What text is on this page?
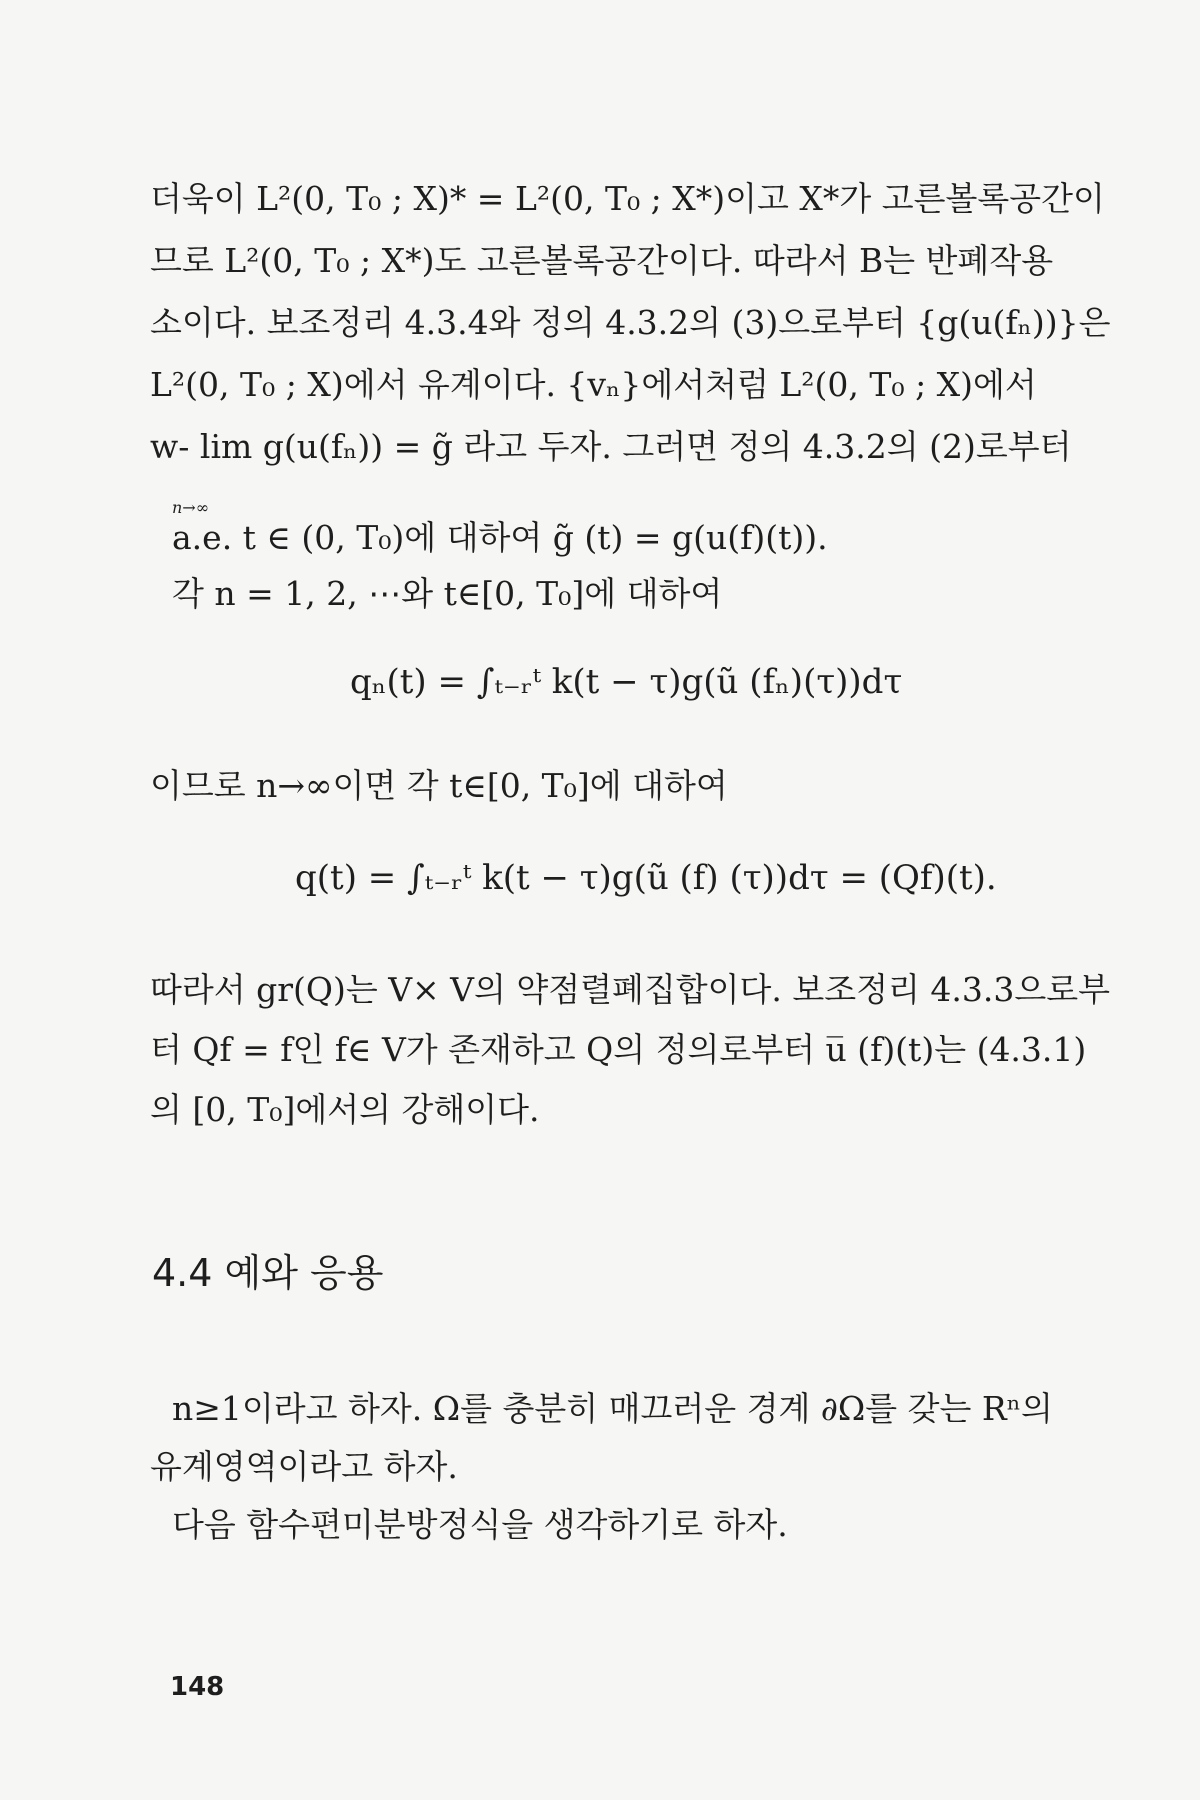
더욱이 L²(0, T₀ ; X)* = L²(0, T₀ ; X*)이고 X*가 고른볼록공간이
므로 L²(0, T₀ ; X*)도 고른볼록공간이다. 따라서 B는 반폐작용
소이다. 보조정리 4.3.4와 정의 4.3.2의 (3)으로부터 {g(u(fₙ))}은
L²(0, T₀ ; X)에서 유계이다. {vₙ}에서처럼 L²(0, T₀ ; X)에서
w- lim g(u(fₙ)) = g̃ 라고 두자. 그러면 정의 4.3.2의 (2)로부터
n→∞
a.e. t ∈ (0, T₀)에 대하여 g̃ (t) = g(u(f)(t)).
각 n = 1, 2, ⋯와 t∈[0, T₀]에 대하여
qₙ(t) = ∫ₜ₋ᵣᵗ k(t − τ)g(ũ (fₙ)(τ))dτ
이므로 n→∞이면 각 t∈[0, T₀]에 대하여
q(t) = ∫ₜ₋ᵣᵗ k(t − τ)g(ũ (f) (τ))dτ = (Qf)(t).
따라서 gr(Q)는 V× V의 약점렬폐집합이다. 보조정리 4.3.3으로부
터 Qf = f인 f∈ V가 존재하고 Q의 정의로부터 u̅ (f)(t)는 (4.3.1)
의 [0, T₀]에서의 강해이다.
4.4 예와 응용
n≥1이라고 하자. Ω를 충분히 매끄러운 경계 ∂Ω를 갖는 Rⁿ의
유계영역이라고 하자.
다음 함수편미분방정식을 생각하기로 하자.
148
